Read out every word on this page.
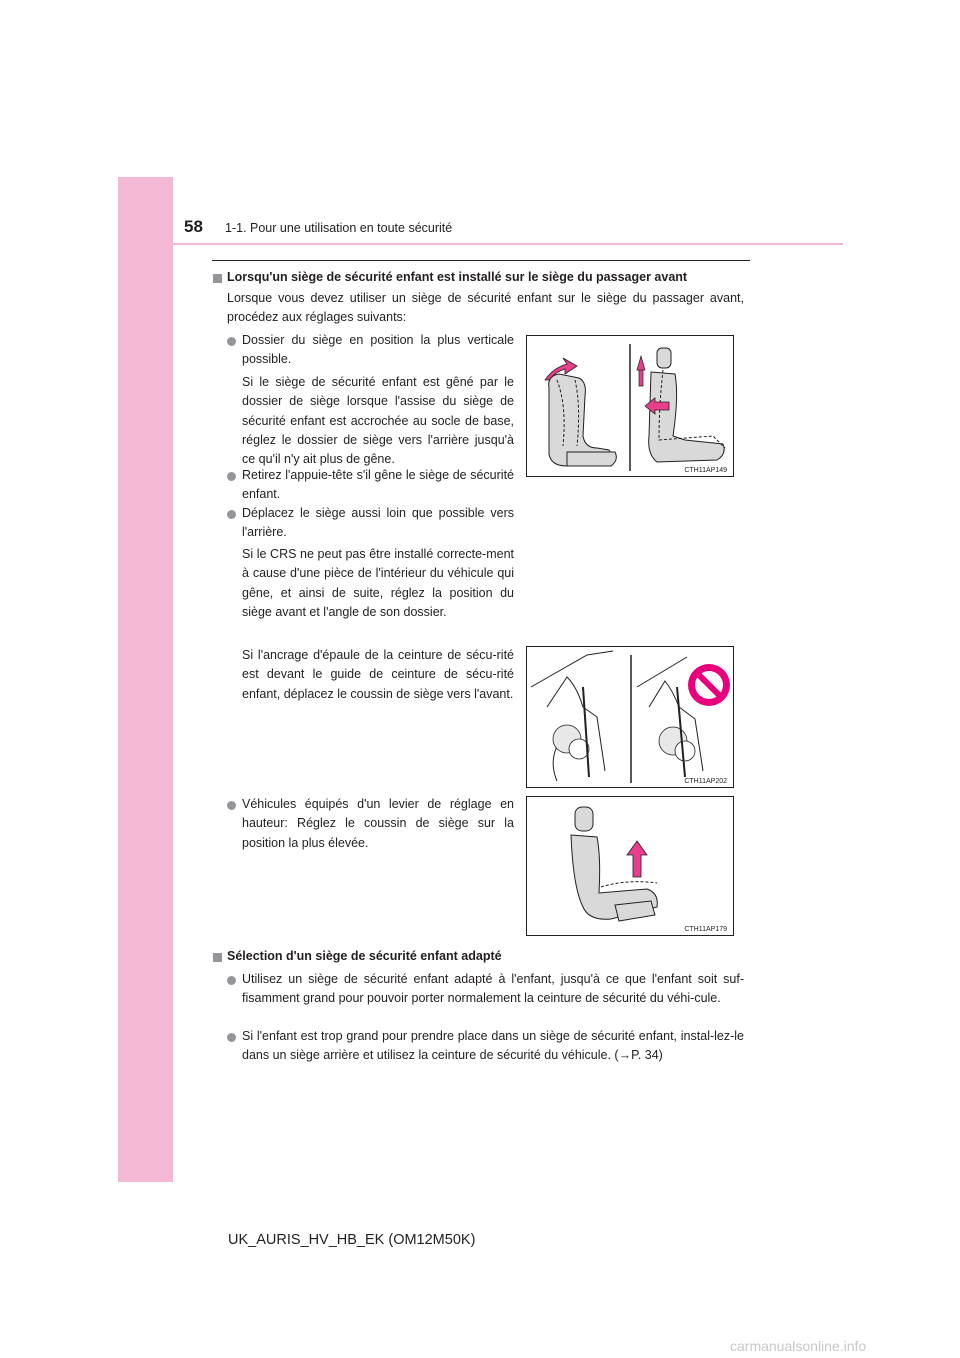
58 1-1. Pour une utilisation en toute sécurité

Lorsqu'un siège de sécurité enfant est installé sur le siège du passager avant

Lorsque vous devez utiliser un siège de sécurité enfant sur le siège du passager avant, procédez aux réglages suivants:

Dossier du siège en position la plus verticale possible.

Si le siège de sécurité enfant est gêné par le dossier de siège lorsque l'assise du siège de sécurité enfant est accrochée au socle de base, réglez le dossier de siège vers l'arrière jusqu'à ce qu'il n'y ait plus de gêne.

Retirez l'appuie-tête s'il gêne le siège de sécurité enfant.

Déplacez le siège aussi loin que possible vers l'arrière.

Si le CRS ne peut pas être installé correcte-ment à cause d'une pièce de l'intérieur du véhicule qui gêne, et ainsi de suite, réglez la position du siège avant et l'angle de son dossier.

Si l'ancrage d'épaule de la ceinture de sécu-rité est devant le guide de ceinture de sécu-rité enfant, déplacez le coussin de siège vers l'avant.

Véhicules équipés d'un levier de réglage en hauteur: Réglez le coussin de siège sur la position la plus élevée.

CTH11AP149
CTH11AP202
CTH11AP179

Sélection d'un siège de sécurité enfant adapté

Utilisez un siège de sécurité enfant adapté à l'enfant, jusqu'à ce que l'enfant soit suf-fisamment grand pour pouvoir porter normalement la ceinture de sécurité du véhi-cule.

Si l'enfant est trop grand pour prendre place dans un siège de sécurité enfant, instal-lez-le dans un siège arrière et utilisez la ceinture de sécurité du véhicule. (→P. 34)

UK_AURIS_HV_HB_EK (OM12M50K)
carmanualsonline.info
